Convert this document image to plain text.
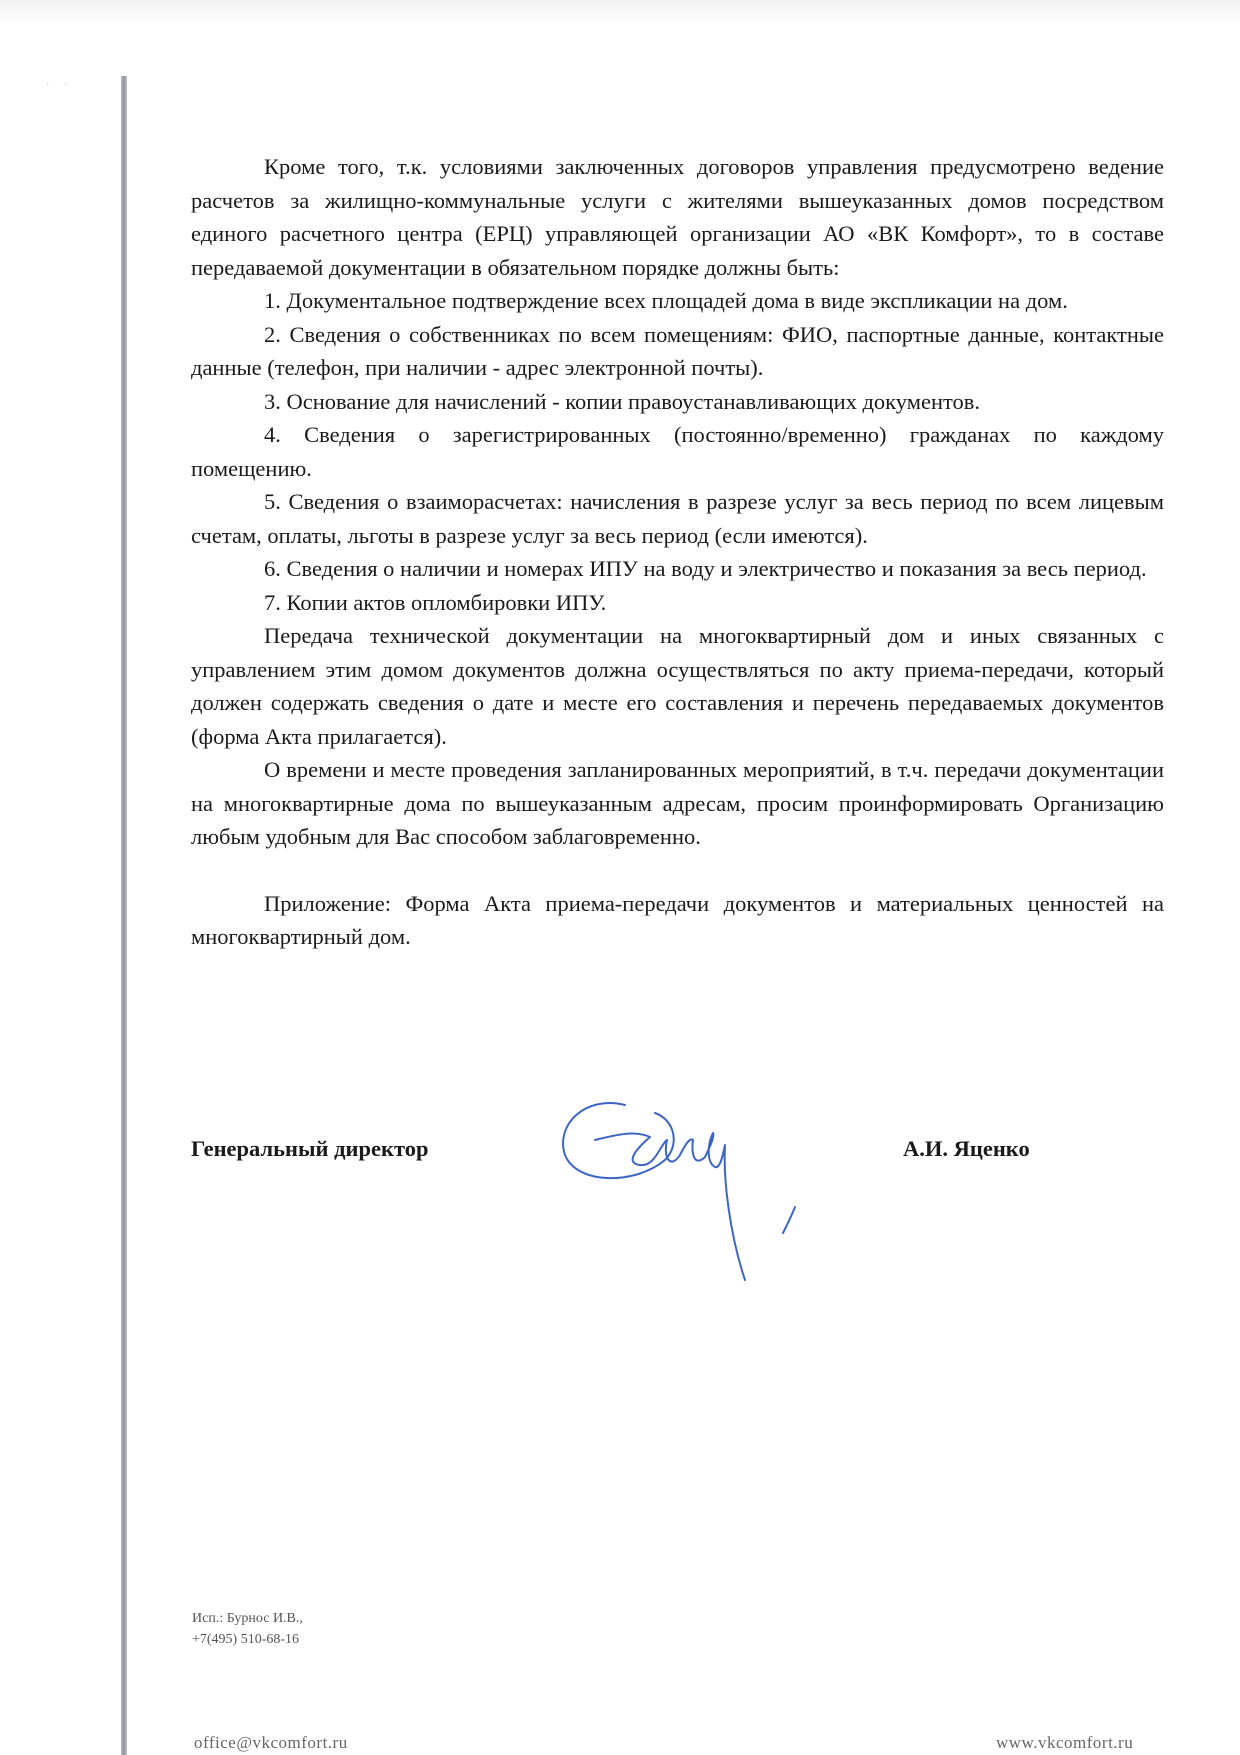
· ·

Кроме того, т.к. условиями заключенных договоров управления предусмотрено ведение расчетов за жилищно-коммунальные услуги с жителями вышеуказанных домов посредством единого расчетного центра (ЕРЦ) управляющей организации АО «ВК Комфорт», то в составе передаваемой документации в обязательном порядке должны быть:

1. Документальное подтверждение всех площадей дома в виде экспликации на дом.

2. Сведения о собственниках по всем помещениям: ФИО, паспортные данные, контактные данные (телефон, при наличии - адрес электронной почты).

3. Основание для начислений - копии правоустанавливающих документов.

4. Сведения о зарегистрированных (постоянно/временно) гражданах по каждому помещению.

5. Сведения о взаиморасчетах: начисления в разрезе услуг за весь период по всем лицевым счетам, оплаты, льготы в разрезе услуг за весь период (если имеются).

6. Сведения о наличии и номерах ИПУ на воду и электричество и показания за весь период.

7. Копии актов опломбировки ИПУ.

Передача технической документации на многоквартирный дом и иных связанных с управлением этим домом документов должна осуществляться по акту приема-передачи, который должен содержать сведения о дате и месте его составления и перечень передаваемых документов (форма Акта прилагается).

О времени и месте проведения запланированных мероприятий, в т.ч. передачи документации на многоквартирные дома по вышеуказанным адресам, просим проинформировать Организацию любым удобным для Вас способом заблаговременно.

Приложение: Форма Акта приема-передачи документов и материальных ценностей на многоквартирный дом.

Генеральный директор	А.И. Яценко
Исп.: Бурнос И.В.,
+7(495) 510-68-16
office@vkcomfort.ru	www.vkcomfort.ru
